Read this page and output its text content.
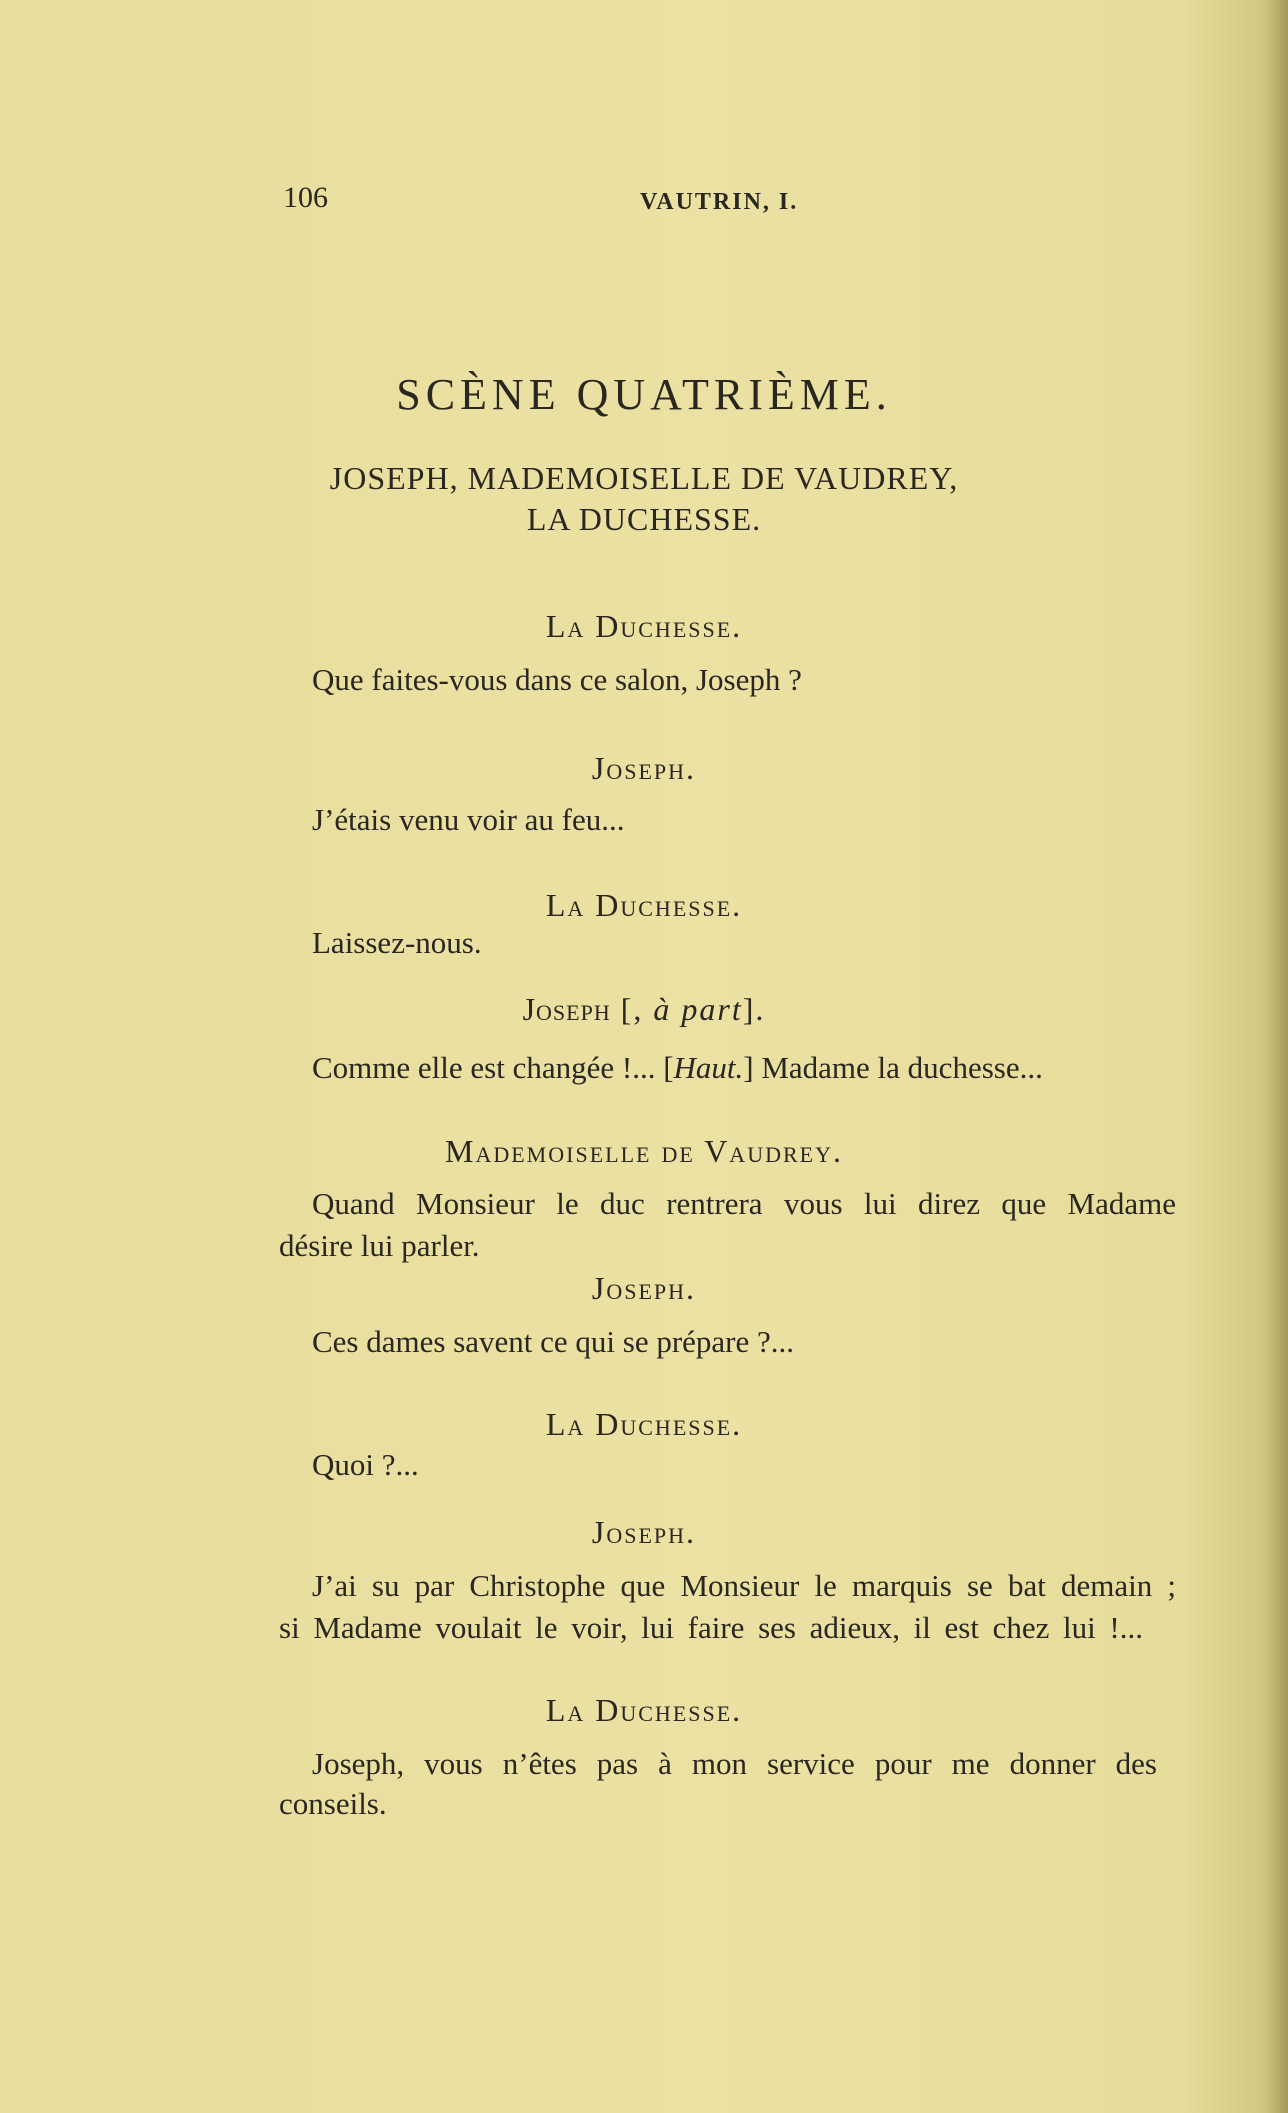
106	VAUTRIN, I.
SCÈNE QUATRIÈME.
JOSEPH, MADEMOISELLE DE VAUDREY,
LA DUCHESSE.
La Duchesse.
Que faites-vous dans ce salon, Joseph ?
Joseph.
J’étais venu voir au feu...
La Duchesse.
Laissez-nous.
Joseph [, à part].
Comme elle est changée !... [Haut.] Madame la duchesse...
Mademoiselle de Vaudrey.
Quand Monsieur le duc rentrera vous lui direz que Madame
désire lui parler.
Joseph.
Ces dames savent ce qui se prépare ?...
La Duchesse.
Quoi ?...
Joseph.
J’ai su par Christophe que Monsieur le marquis se bat demain ;
si Madame voulait le voir, lui faire ses adieux, il est chez lui !...
La Duchesse.
Joseph, vous n’êtes pas à mon service pour me donner des
conseils.
